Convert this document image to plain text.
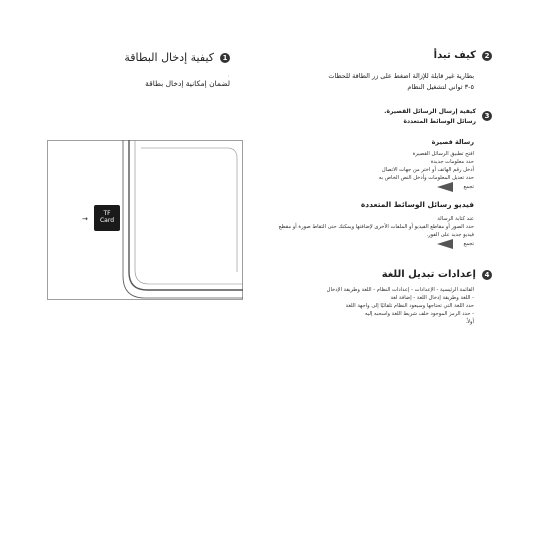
1
كيفية إدخال البطاقة
لضمان إمكانية إدخال بطاقة
'
TF
Card
→
2
كيف تبدأ
بطارية غير قابلة للإزالة اضغط على زر الطاقة للحظات
٥-٣ ثواني لتشغيل النظام
3
كيفية إرسال الرسائل القصيرة.
رسائل الوسائط المتعددة
رسالة قصيرة
افتح تطبيق الرسائل القصيرة
حدد معلومات جديدة
أدخل رقم الهاتف أو اختر من جهات الاتصال
حدد تعديل المعلومات وأدخل النص الخاص به
تجمع
فيديو رسائل الوسائط المتعددة
عند كتابة الرسالة
حدد الصور أو مقاطع الفيديو أو الملفات الأخرى لإضافتها ويمكنك حتى التقاط صورة أو مقطع
فيديو جديد على الفور.
تجمع
4
إعدادات تبديل اللغة
القائمة الرئيسية - الإعدادات - إعدادات النظام - اللغة وطريقة الإدخال
- اللغة وطريقة إدخال اللغة - إضافة لغة
حدد اللغة التي تحتاجها وسيعود النظام تلقائيًا إلى واجهة اللغة
- حدد الرمز الموجود خلف شريط اللغة واسحبه إليه
أولاً.
